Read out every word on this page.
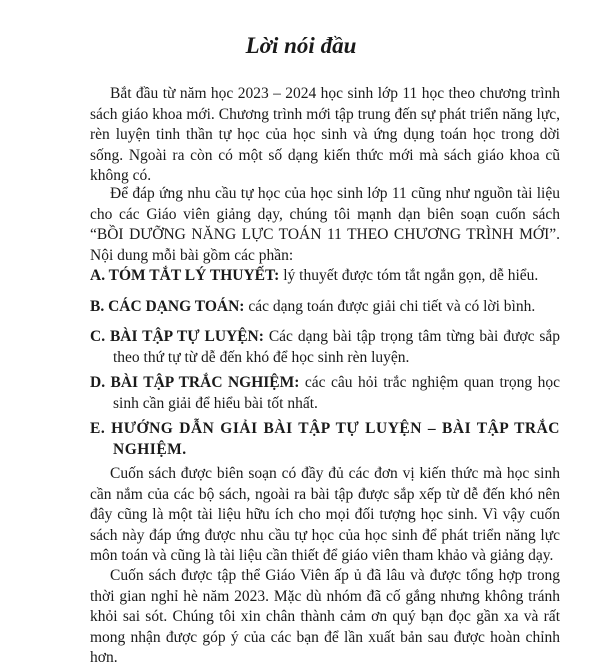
Lời nói đầu
Bắt đầu từ năm học 2023 – 2024 học sinh lớp 11 học theo chương trình sách giáo khoa mới. Chương trình mới tập trung đến sự phát triển năng lực, rèn luyện tinh thần tự học của học sinh và ứng dụng toán học trong dời sống. Ngoài ra còn có một số dạng kiến thức mới mà sách giáo khoa cũ không có.
Để đáp ứng nhu cầu tự học của học sinh lớp 11 cũng như nguồn tài liệu cho các Giáo viên giảng dạy, chúng tôi mạnh dạn biên soạn cuốn sách “BỒI DƯỠNG NĂNG LỰC TOÁN 11 THEO CHƯƠNG TRÌNH MỚI”. Nội dung mỗi bài gồm các phần:
A. TÓM TẮT LÝ THUYẾT: lý thuyết được tóm tắt ngắn gọn, dễ hiểu.
B. CÁC DẠNG TOÁN: các dạng toán được giải chi tiết và có lời bình.
C. BÀI TẬP TỰ LUYỆN: Các dạng bài tập trọng tâm từng bài được sắp theo thứ tự từ dễ đến khó để học sinh rèn luyện.
D. BÀI TẬP TRẮC NGHIỆM: các câu hỏi trắc nghiệm quan trọng học sinh cần giải để hiểu bài tốt nhất.
E. HƯỚNG DẪN GIẢI BÀI TẬP TỰ LUYỆN – BÀI TẬP TRẮC NGHIỆM.
Cuốn sách được biên soạn có đầy đủ các đơn vị kiến thức mà học sinh cần nắm của các bộ sách, ngoài ra bài tập được sắp xếp từ dễ đến khó nên đây cũng là một tài liệu hữu ích cho mọi đối tượng học sinh. Vì vậy cuốn sách này đáp ứng được nhu cầu tự học của học sinh để phát triển năng lực môn toán và cũng là tài liệu cần thiết để giáo viên tham khảo và giảng dạy.
Cuốn sách được tập thể Giáo Viên ấp ủ đã lâu và được tổng hợp trong thời gian nghỉ hè năm 2023. Mặc dù nhóm đã cố gắng nhưng không tránh khỏi sai sót. Chúng tôi xin chân thành cảm ơn quý bạn đọc gần xa và rất mong nhận được góp ý của các bạn để lần xuất bản sau được hoàn chỉnh hơn.
